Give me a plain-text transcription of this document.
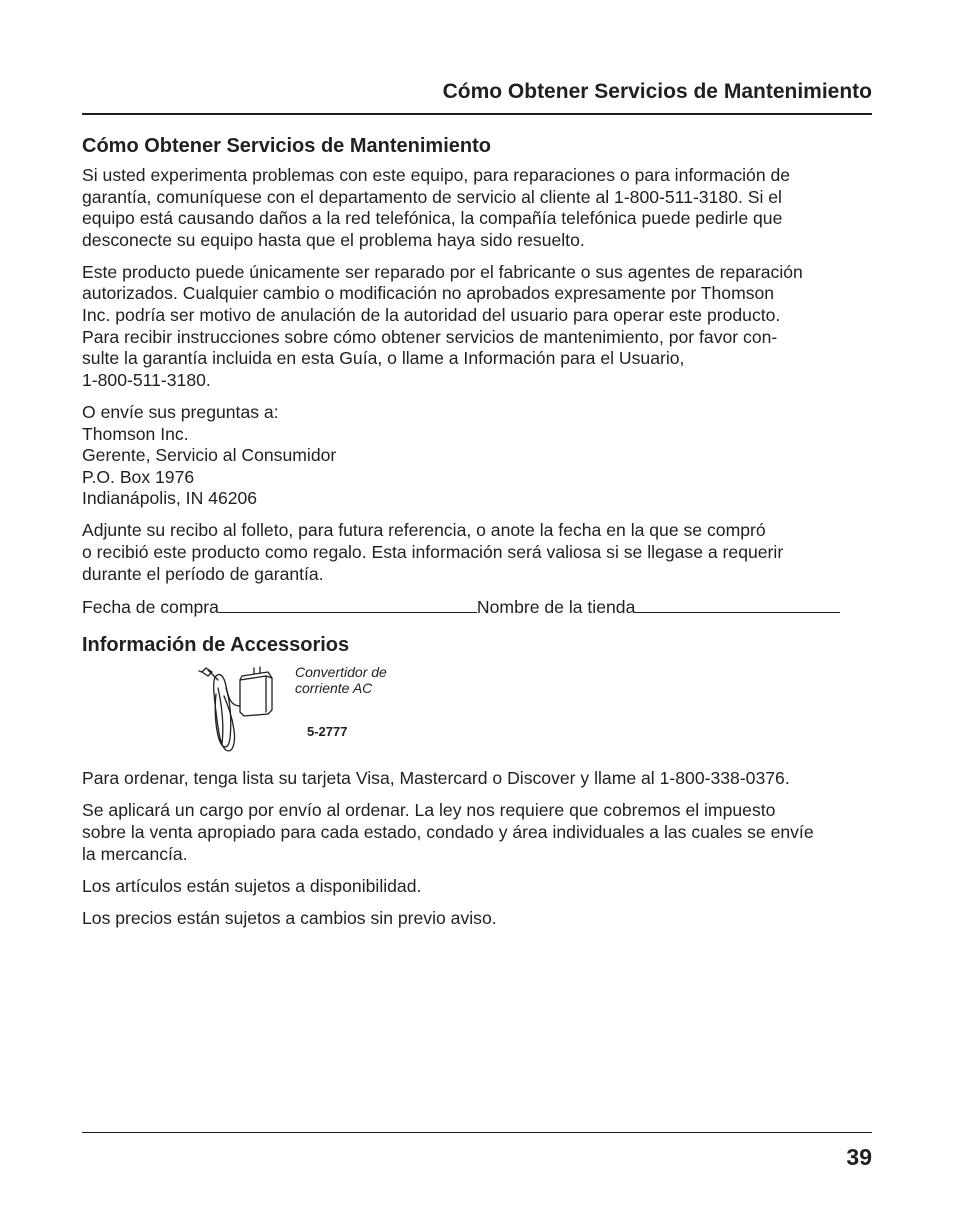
Cómo Obtener Servicios de Mantenimiento
Cómo Obtener Servicios de Mantenimiento

Si usted experimenta problemas con este equipo, para reparaciones o para información de
garantía, comuníquese con el departamento de servicio al cliente al 1-800-511-3180. Si el
equipo está causando daños a la red telefónica, la compañía telefónica puede pedirle que
desconecte su equipo hasta que el problema haya sido resuelto.

Este producto puede únicamente ser reparado por el fabricante o sus agentes de reparación
autorizados. Cualquier cambio o modificación no aprobados expresamente por Thomson
Inc. podría ser motivo de anulación de la autoridad del usuario para operar este producto.
Para recibir instrucciones sobre cómo obtener servicios de mantenimiento, por favor con-
sulte la garantía incluida en esta Guía, o llame a Información para el Usuario,
1-800-511-3180.

O envíe sus preguntas a:
Thomson Inc.
Gerente, Servicio al Consumidor
P.O. Box 1976
Indianápolis, IN 46206

Adjunte su recibo al folleto, para futura referencia, o anote la fecha en la que se compró
o recibió este producto como regalo. Esta información será valiosa si se llegase a requerir
durante el período de garantía.

Fecha de compra	Nombre de la tienda
Información de Accessorios
Convertidor de
corriente AC
5-2777

Para ordenar, tenga lista su tarjeta Visa, Mastercard o Discover y llame al 1-800-338-0376.

Se aplicará un cargo por envío al ordenar. La ley nos requiere que cobremos el impuesto
sobre la venta apropiado para cada estado, condado y área individuales a las cuales se envíe
la mercancía.

Los artículos están sujetos a disponibilidad.

Los precios están sujetos a cambios sin previo aviso.

39
